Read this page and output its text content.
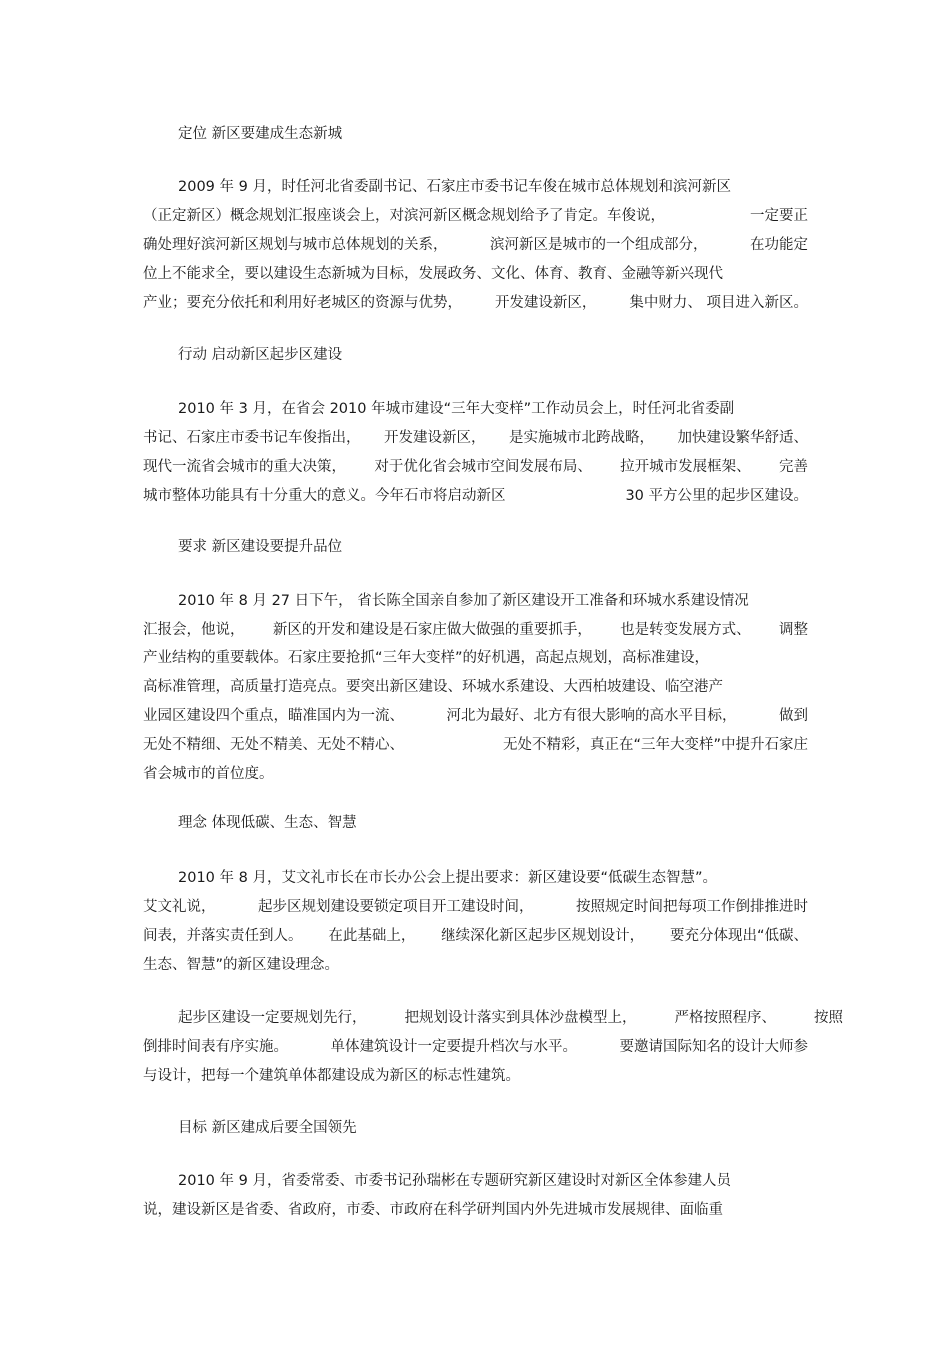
定位 新区要建成生态新城
2009 年 9 月，时任河北省委副书记、石家庄市委书记车俊在城市总体规划和滨河新区
（正定新区）概念规划汇报座谈会上，对滨河新区概念规划给予了肯定。车俊说，	一定要正
确处理好滨河新区规划与城市总体规划的关系，	滨河新区是城市的一个组成部分，	在功能定
位上不能求全，要以建设生态新城为目标，发展政务、文化、体育、教育、金融等新兴现代
产业；要充分依托和利用好老城区的资源与优势， 开发建设新区， 集中财力、 项目进入新区。
行动 启动新区起步区建设
2010 年 3 月，在省会 2010 年城市建设“三年大变样”工作动员会上，时任河北省委副
书记、石家庄市委书记车俊指出， 开发建设新区， 是实施城市北跨战略， 加快建设繁华舒适、
现代一流省会城市的重大决策， 对于优化省会城市空间发展布局、 拉开城市发展框架、 完善
城市整体功能具有十分重大的意义。今年石市将启动新区	30 平方公里的起步区建设。
要求 新区建设要提升品位
2010 年 8 月 27 日下午， 省长陈全国亲自参加了新区建设开工准备和环城水系建设情况
汇报会，他说， 新区的开发和建设是石家庄做大做强的重要抓手， 也是转变发展方式、 调整
产业结构的重要载体。石家庄要抢抓“三年大变样”的好机遇，高起点规划，高标准建设，
高标准管理，高质量打造亮点。要突出新区建设、环城水系建设、大西柏坡建设、临空港产
业园区建设四个重点，瞄准国内为一流、	河北为最好、北方有很大影响的高水平目标，	做到
无处不精细、无处不精美、无处不精心、	无处不精彩，真正在“三年大变样”中提升石家庄
省会城市的首位度。
理念 体现低碳、生态、智慧
2010 年 8 月，艾文礼市长在市长办公会上提出要求：新区建设要“低碳生态智慧”。
艾文礼说，	起步区规划建设要锁定项目开工建设时间，	按照规定时间把每项工作倒排推进时
间表，并落实责任到人。 在此基础上， 继续深化新区起步区规划设计， 要充分体现出“低碳、
生态、智慧”的新区建设理念。
起步区建设一定要规划先行，	把规划设计落实到具体沙盘模型上，	严格按照程序、	按照
倒排时间表有序实施。	单体建筑设计一定要提升档次与水平。	要邀请国际知名的设计大师参
与设计，把每一个建筑单体都建设成为新区的标志性建筑。
目标 新区建成后要全国领先
2010 年 9 月，省委常委、市委书记孙瑞彬在专题研究新区建设时对新区全体参建人员
说，建设新区是省委、省政府，市委、市政府在科学研判国内外先进城市发展规律、面临重
